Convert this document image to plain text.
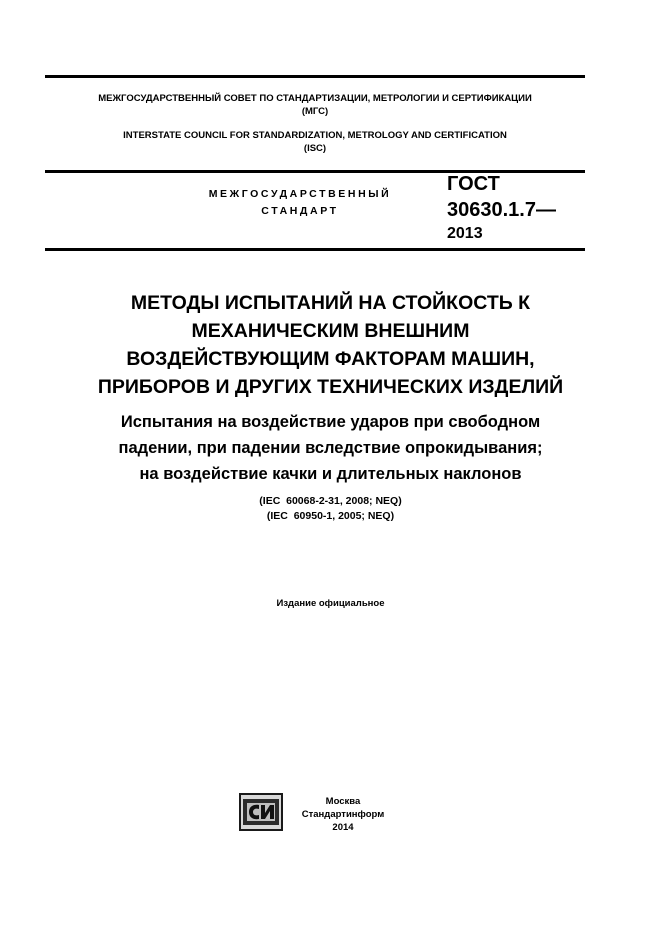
МЕЖГОСУДАРСТВЕННЫЙ СОВЕТ ПО СТАНДАРТИЗАЦИИ, МЕТРОЛОГИИ И СЕРТИФИКАЦИИ
(МГС)
INTERSTATE COUNCIL FOR STANDARDIZATION, METROLOGY AND CERTIFICATION
(ISC)
МЕЖГОСУДАРСТВЕННЫЙ
СТАНДАРТ
ГОСТ
30630.1.7—
2013
МЕТОДЫ ИСПЫТАНИЙ НА СТОЙКОСТЬ К
МЕХАНИЧЕСКИМ ВНЕШНИМ
ВОЗДЕЙСТВУЮЩИМ ФАКТОРАМ МАШИН,
ПРИБОРОВ И ДРУГИХ ТЕХНИЧЕСКИХ ИЗДЕЛИЙ
Испытания на воздействие ударов при свободном
падении, при падении вследствие опрокидывания;
на воздействие качки и длительных наклонов
(IEC  60068-2-31, 2008; NEQ)
(IEC  60950-1, 2005; NEQ)
Издание официальное
Москва
Стандартинформ
2014
